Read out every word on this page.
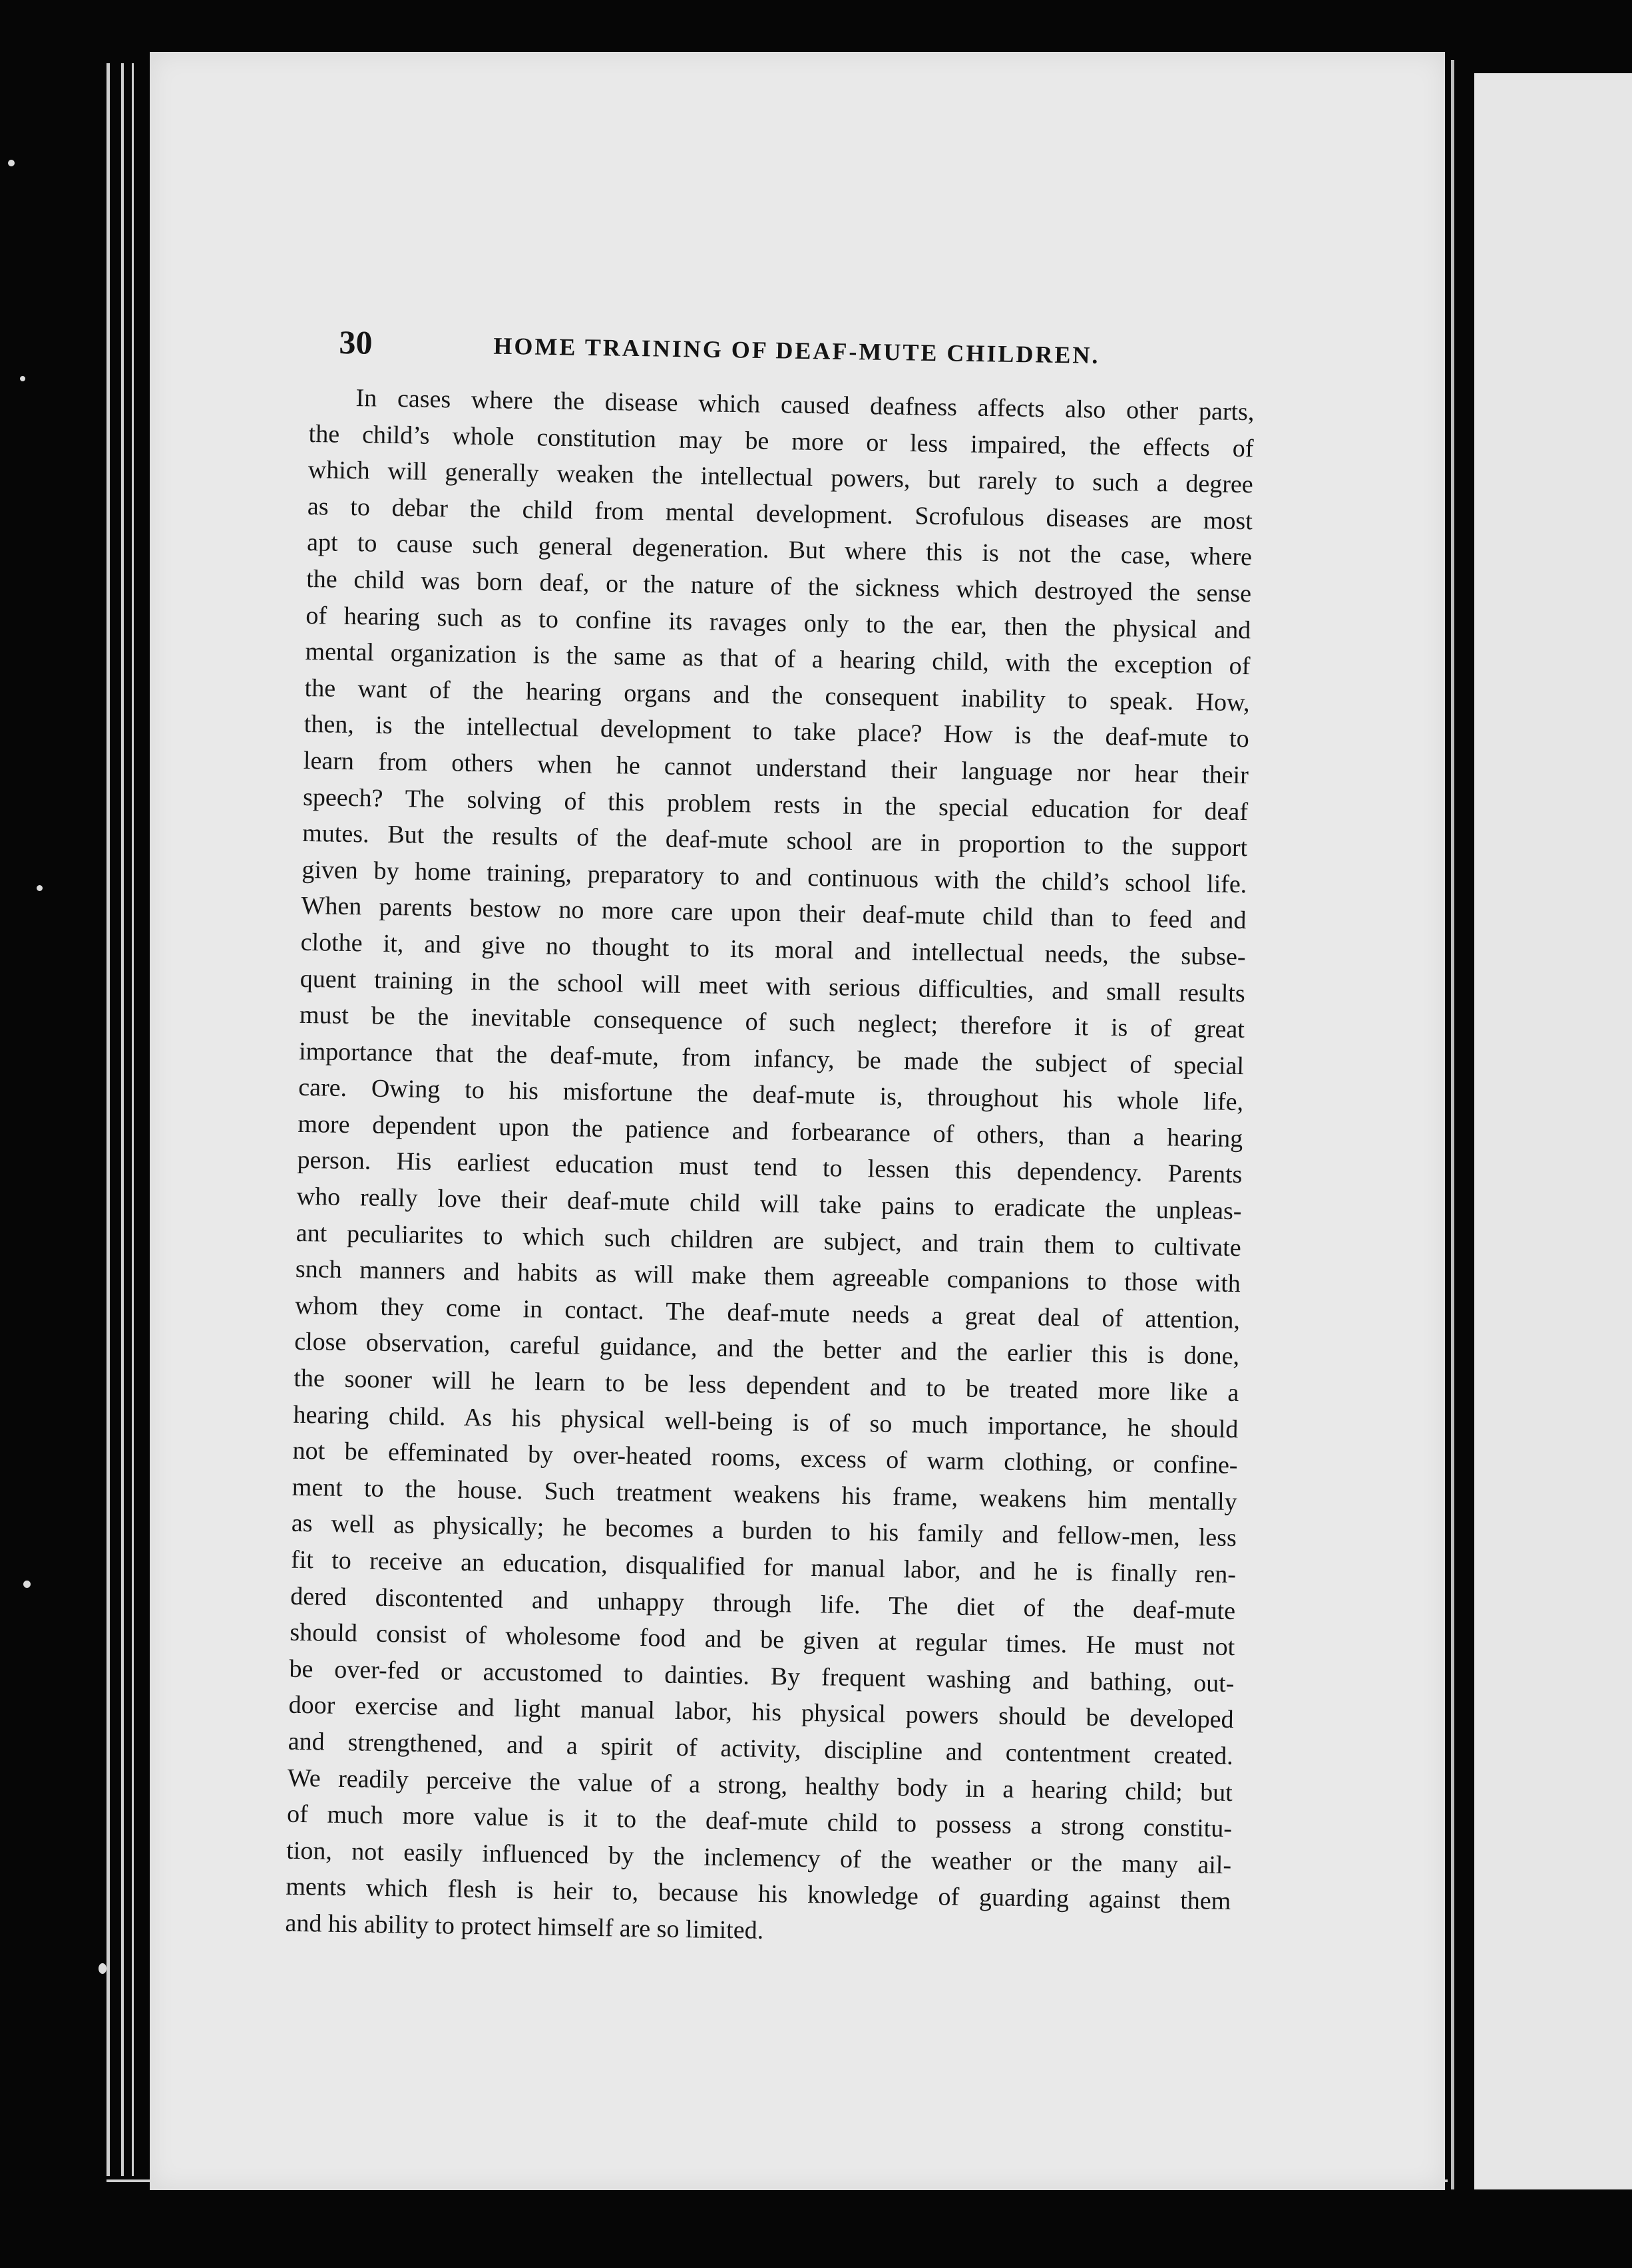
30	HOME TRAINING OF DEAF-MUTE CHILDREN.
In cases where the disease which caused deafness affects also other parts,
the child’s whole constitution may be more or less impaired, the effects of
which will generally weaken the intellectual powers, but rarely to such a degree
as to debar the child from mental development. Scrofulous diseases are most
apt to cause such general degeneration. But where this is not the case, where
the child was born deaf, or the nature of the sickness which destroyed the sense
of hearing such as to confine its ravages only to the ear, then the physical and
mental organization is the same as that of a hearing child, with the exception of
the want of the hearing organs and the consequent inability to speak. How,
then, is the intellectual development to take place? How is the deaf-mute to
learn from others when he cannot understand their language nor hear their
speech? The solving of this problem rests in the special education for deaf
mutes. But the results of the deaf-mute school are in proportion to the support
given by home training, preparatory to and continuous with the child’s school life.
When parents bestow no more care upon their deaf-mute child than to feed and
clothe it, and give no thought to its moral and intellectual needs, the subse-
quent training in the school will meet with serious difficulties, and small results
must be the inevitable consequence of such neglect; therefore it is of great
importance that the deaf-mute, from infancy, be made the subject of special
care. Owing to his misfortune the deaf-mute is, throughout his whole life,
more dependent upon the patience and forbearance of others, than a hearing
person. His earliest education must tend to lessen this dependency. Parents
who really love their deaf-mute child will take pains to eradicate the unpleas-
ant peculiarites to which such children are subject, and train them to cultivate
snch manners and habits as will make them agreeable companions to those with
whom they come in contact. The deaf-mute needs a great deal of attention,
close observation, careful guidance, and the better and the earlier this is done,
the sooner will he learn to be less dependent and to be treated more like a
hearing child. As his physical well-being is of so much importance, he should
not be effeminated by over-heated rooms, excess of warm clothing, or confine-
ment to the house. Such treatment weakens his frame, weakens him mentally
as well as physically; he becomes a burden to his family and fellow-men, less
fit to receive an education, disqualified for manual labor, and he is finally ren-
dered discontented and unhappy through life. The diet of the deaf-mute
should consist of wholesome food and be given at regular times. He must not
be over-fed or accustomed to dainties. By frequent washing and bathing, out-
door exercise and light manual labor, his physical powers should be developed
and strengthened, and a spirit of activity, discipline and contentment created.
We readily perceive the value of a strong, healthy body in a hearing child; but
of much more value is it to the deaf-mute child to possess a strong constitu-
tion, not easily influenced by the inclemency of the weather or the many ail-
ments which flesh is heir to, because his knowledge of guarding against them
and his ability to protect himself are so limited.
